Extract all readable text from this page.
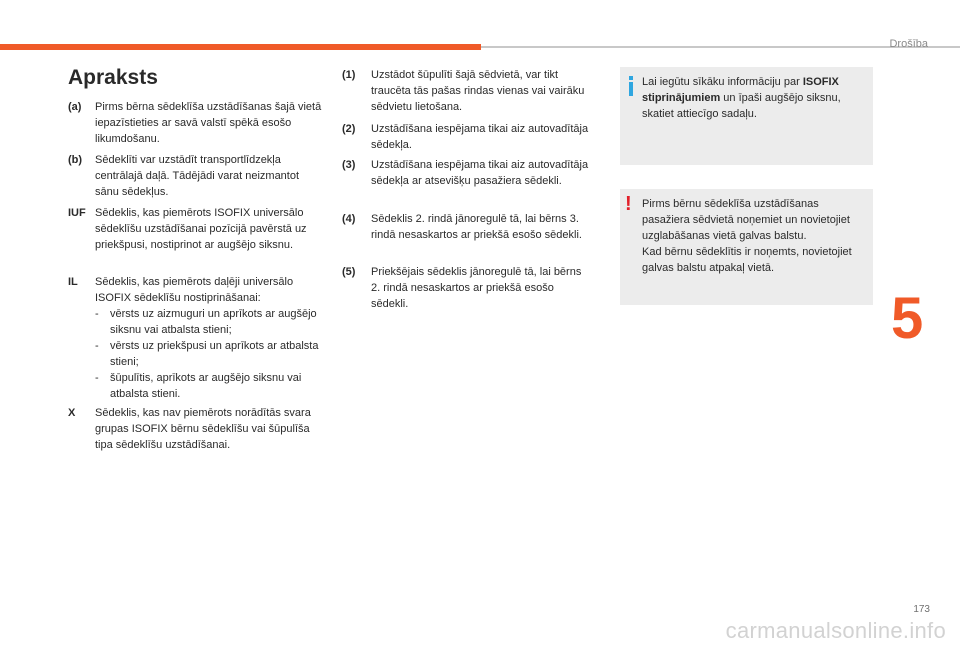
Drošība
Apraksts
(a)	Pirms bērna sēdeklīša uzstādīšanas šajā vietā iepazīstieties ar savā valstī spēkā esošo likumdošanu.
(b)	Sēdeklīti var uzstādīt transportlīdzekļa centrālajā daļā. Tādējādi varat neizmantot sānu sēdekļus.
IUF Sēdeklis, kas piemērots ISOFIX universālo sēdeklīšu uzstādīšanai pozīcijā pavērstā uz priekšpusi, nostiprinot ar augšējo siksnu.
IL	Sēdeklis, kas piemērots daļēji universālo ISOFIX sēdeklīšu nostiprināšanai:
-	vērsts uz aizmuguri un aprīkots ar augšējo siksnu vai atbalsta stieni;
-	vērsts uz priekšpusi un aprīkots ar atbalsta stieni;
-	šūpulītis, aprīkots ar augšējo siksnu vai atbalsta stieni.
X	Sēdeklis, kas nav piemērots norādītās svara grupas ISOFIX bērnu sēdeklīšu vai šūpulīša tipa sēdeklīšu uzstādīšanai.
(1)	Uzstādot šūpulīti šajā sēdvietā, var tikt traucēta tās pašas rindas vienas vai vairāku sēdvietu lietošana.
(2)	Uzstādīšana iespējama tikai aiz autovadītāja sēdekļa.
(3)	Uzstādīšana iespējama tikai aiz autovadītāja sēdekļa ar atsevišķu pasažiera sēdekli.
(4)	Sēdeklis 2. rindā jānoregulē tā, lai bērns 3. rindā nesaskartos ar priekšā esošo sēdekli.
(5)	Priekšējais sēdeklis jānoregulē tā, lai bērns 2. rindā nesaskartos ar priekšā esošo sēdekli.
Lai iegūtu sīkāku informāciju par ISOFIX stiprinājumiem un īpaši augšējo siksnu, skatiet attiecīgo sadaļu.
! Pirms bērnu sēdeklīša uzstādīšanas pasažiera sēdvietā noņemiet un novietojiet uzglabāšanas vietā galvas balstu.
Kad bērnu sēdeklītis ir noņemts, novietojiet galvas balstu atpakaļ vietā.
5
173
carmanualsonline.info
